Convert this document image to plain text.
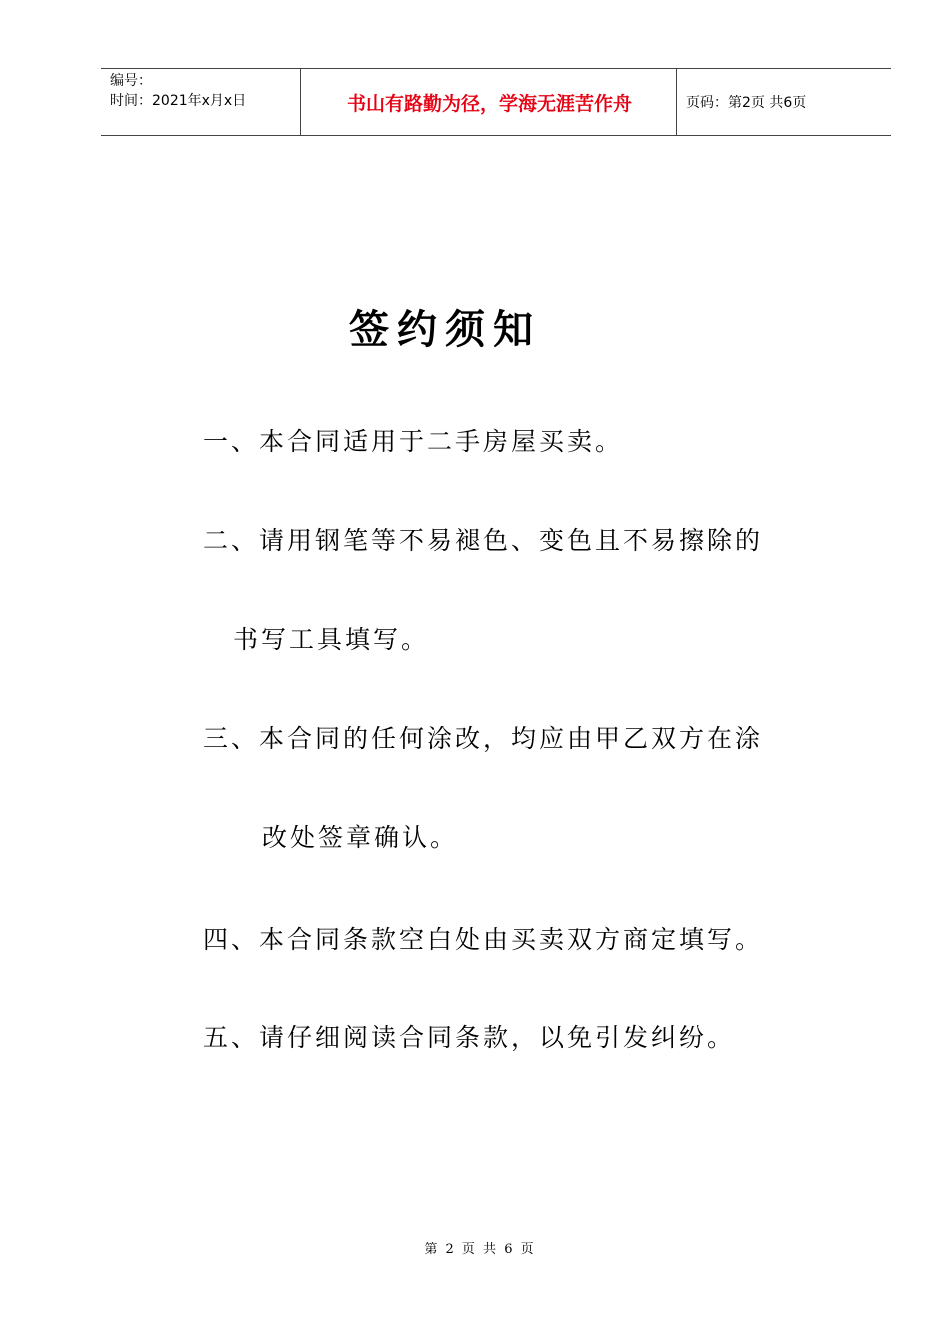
编号：
时间：2021年x月x日	书山有路勤为径，学海无涯苦作舟	页码：第2页 共6页
签约须知
一、本合同适用于二手房屋买卖。
二、请用钢笔等不易褪色、变色且不易擦除的
书写工具填写。
三、本合同的任何涂改，均应由甲乙双方在涂
改处签章确认。
四、本合同条款空白处由买卖双方商定填写。
五、请仔细阅读合同条款，以免引发纠纷。
第 2 页 共 6 页
